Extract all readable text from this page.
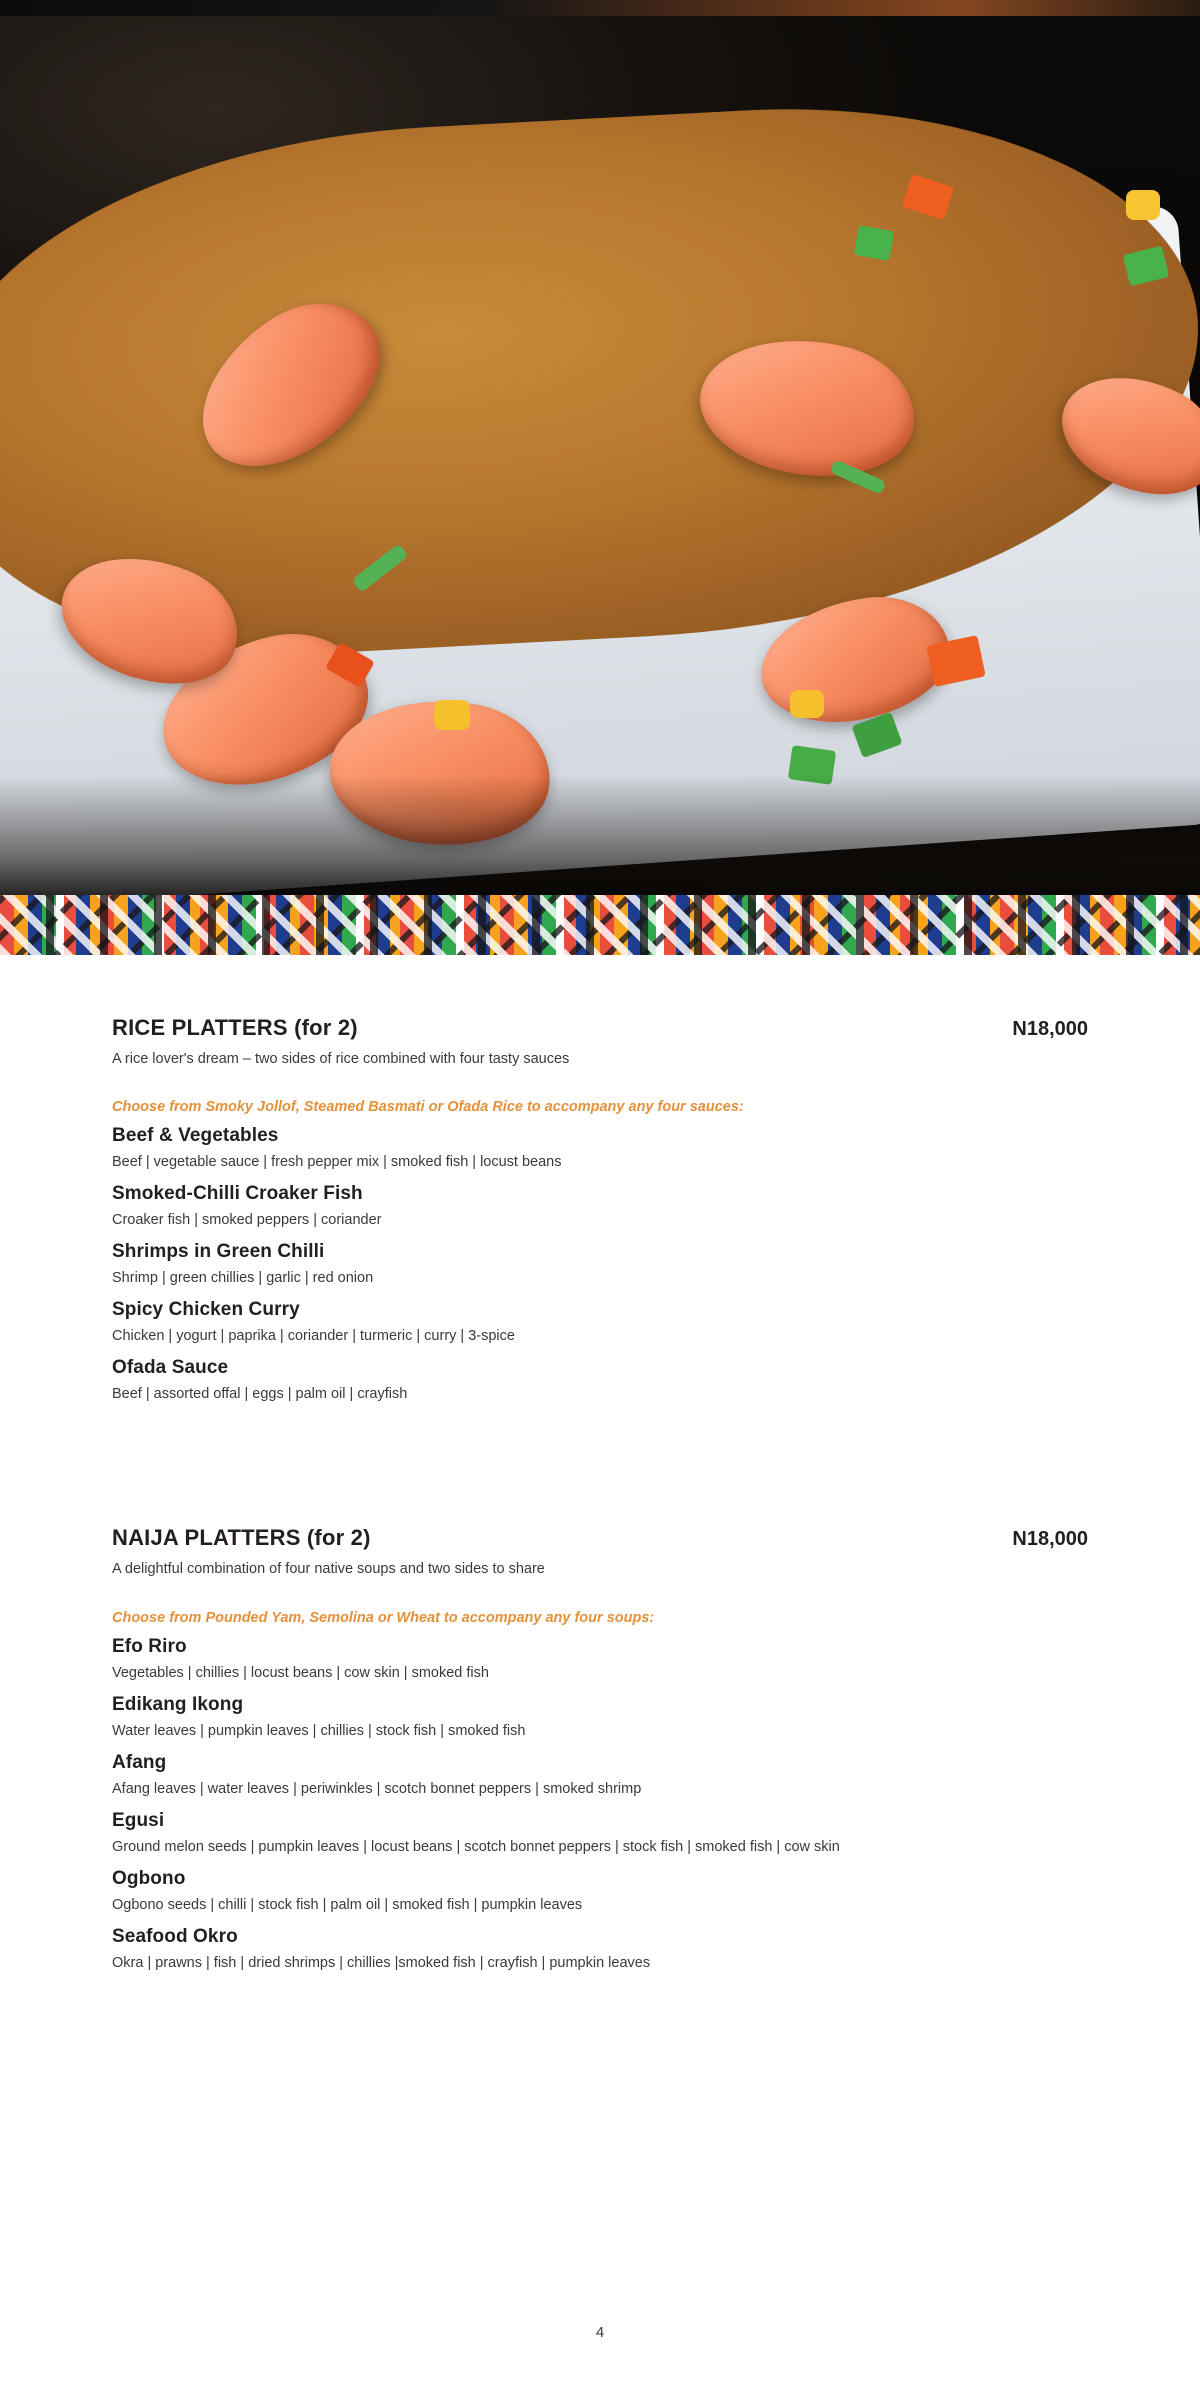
RICE PLATTERS (for 2)	N18,000
A rice lover's dream – two sides of rice combined with four tasty sauces
Choose from Smoky Jollof, Steamed Basmati or Ofada Rice to accompany any four sauces:
Beef & Vegetables
Beef | vegetable sauce | fresh pepper mix | smoked fish | locust beans
Smoked-Chilli Croaker Fish
Croaker fish | smoked peppers | coriander
Shrimps in Green Chilli
Shrimp | green chillies | garlic | red onion
Spicy Chicken Curry
Chicken | yogurt | paprika | coriander | turmeric | curry | 3-spice
Ofada Sauce
Beef | assorted offal | eggs | palm oil | crayfish
NAIJA PLATTERS (for 2)	N18,000
A delightful combination of four native soups and two sides to share
Choose from Pounded Yam, Semolina or Wheat to accompany any four soups:
Efo Riro
Vegetables | chillies | locust beans | cow skin | smoked fish
Edikang Ikong
Water leaves | pumpkin leaves | chillies | stock fish | smoked fish
Afang
Afang leaves | water leaves | periwinkles | scotch bonnet peppers | smoked shrimp
Egusi
Ground melon seeds | pumpkin leaves | locust beans | scotch bonnet peppers | stock fish | smoked fish | cow skin
Ogbono
Ogbono seeds | chilli | stock fish | palm oil | smoked fish | pumpkin leaves
Seafood Okro
Okra | prawns | fish | dried shrimps | chillies |smoked fish | crayfish | pumpkin leaves
4
